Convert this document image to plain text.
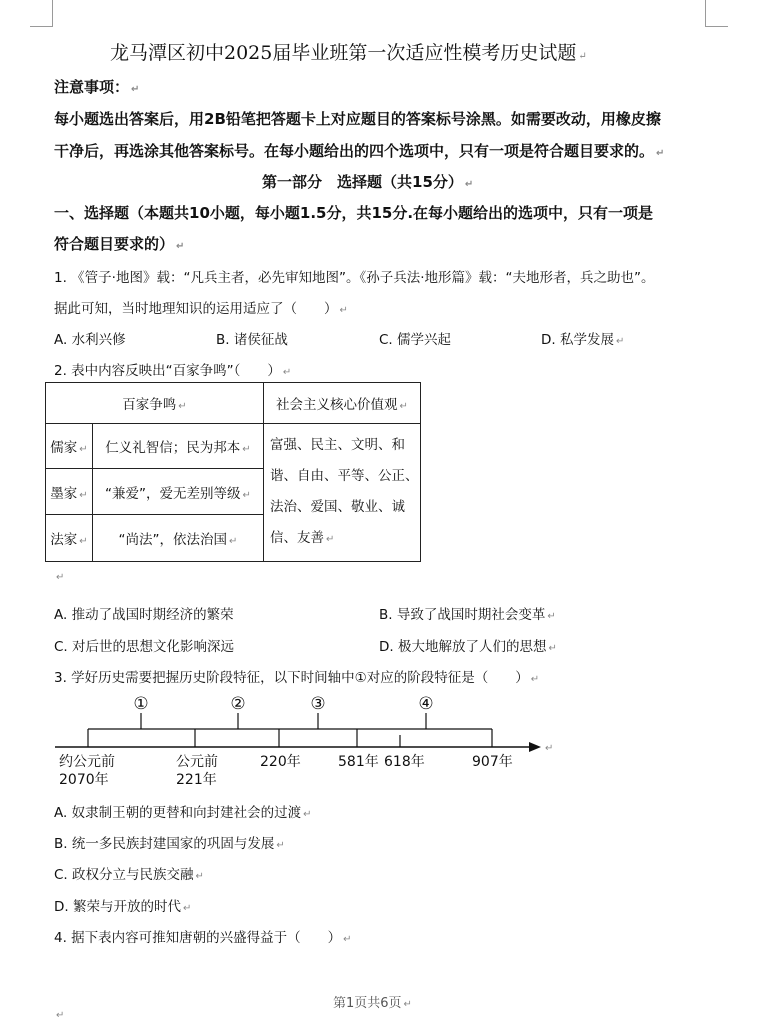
龙马潭区初中2025届毕业班第一次适应性模考历史试题 ↵
注意事项： ↵
每小题选出答案后，用2B铅笔把答题卡上对应题目的答案标号涂黑。如需要改动，用橡皮擦
干净后，再选涂其他答案标号。在每小题给出的四个选项中，只有一项是符合题目要求的。 ↵
第一部分　选择题（共15分） ↵
一、选择题（本题共10小题，每小题1.5分，共15分.在每小题给出的选项中，只有一项是
符合题目要求的） ↵
1. 《管子·地图》载：“凡兵主者，必先审知地图”。《孙子兵法·地形篇》载：“夫地形者，兵之助也”。
据此可知，当时地理知识的运用适应了（　　） ↵
A. 水利兴修	B. 诸侯征战	C. 儒学兴起	D. 私学发展 ↵
2. 表中内容反映出“百家争鸣”（　　） ↵
百家争鸣 ↵		社会主义核心价值观 ↵
儒家 ↵	仁义礼智信；民为邦本 ↵	富强、民主、文明、和
谐、自由、平等、公正、
法治、爱国、敬业、诚
信、友善 ↵

墨家 ↵	“兼爱”，爱无差别等级 ↵	
法家 ↵	“尚法”，依法治国 ↵	
↵
A. 推动了战国时期经济的繁荣	B. 导致了战国时期社会变革 ↵
C. 对后世的思想文化影响深远	D. 极大地解放了人们的思想 ↵
3. 学好历史需要把握历史阶段特征，以下时间轴中①对应的阶段特征是（　　） ↵
↵
①	②	③	④
约公元前
2070年
公元前
221年
220年	581年 618年	907年
A. 奴隶制王朝的更替和向封建社会的过渡 ↵
B. 统一多民族封建国家的巩固与发展 ↵
C. 政权分立与民族交融 ↵
D. 繁荣与开放的时代 ↵
4. 据下表内容可推知唐朝的兴盛得益于（　　） ↵
第1页共6页 ↵
↵
